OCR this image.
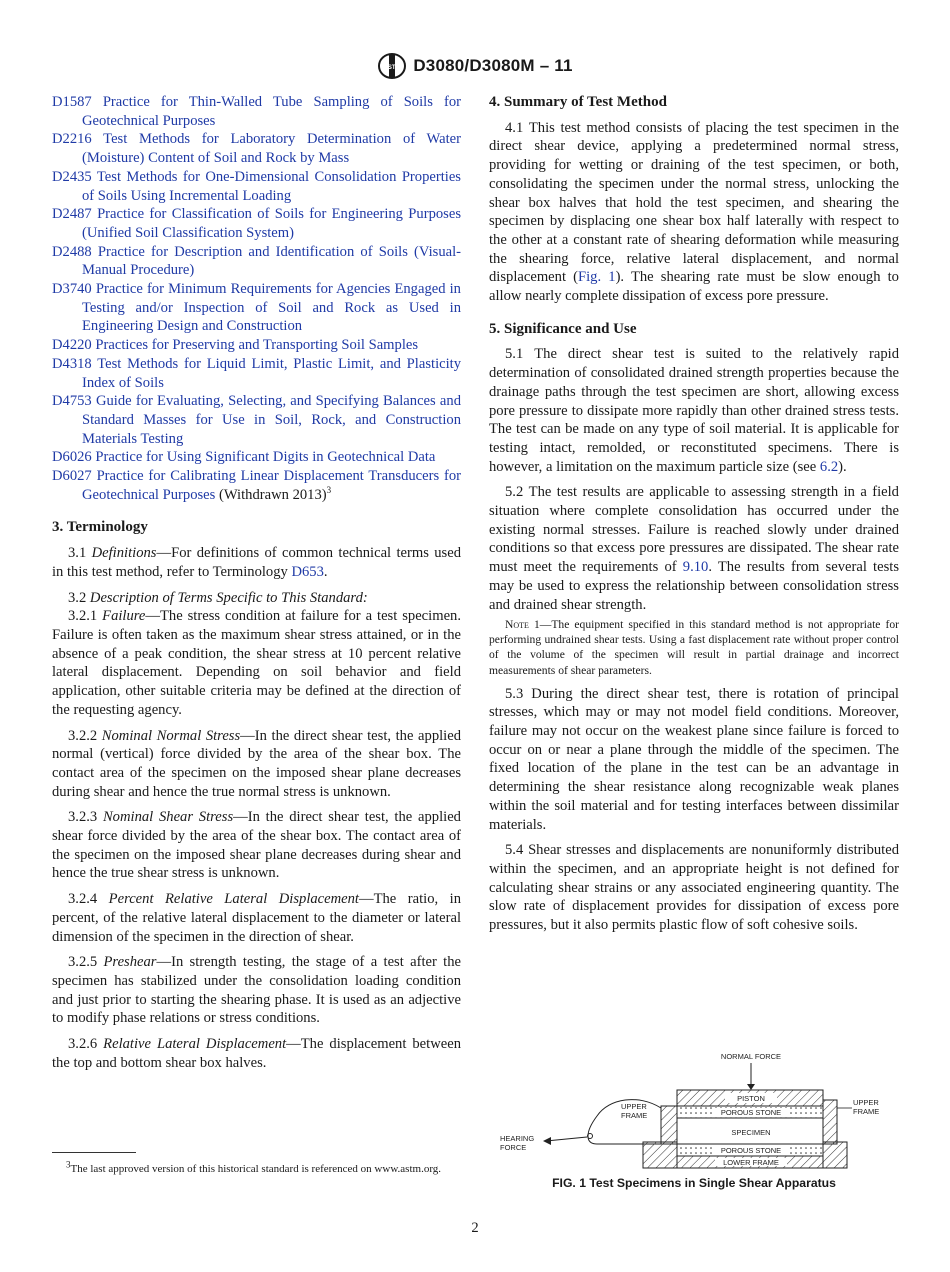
ASTM D3080/D3080M – 11
D1587 Practice for Thin-Walled Tube Sampling of Soils for Geotechnical Purposes
D2216 Test Methods for Laboratory Determination of Water (Moisture) Content of Soil and Rock by Mass
D2435 Test Methods for One-Dimensional Consolidation Properties of Soils Using Incremental Loading
D2487 Practice for Classification of Soils for Engineering Purposes (Unified Soil Classification System)
D2488 Practice for Description and Identification of Soils (Visual-Manual Procedure)
D3740 Practice for Minimum Requirements for Agencies Engaged in Testing and/or Inspection of Soil and Rock as Used in Engineering Design and Construction
D4220 Practices for Preserving and Transporting Soil Samples
D4318 Test Methods for Liquid Limit, Plastic Limit, and Plasticity Index of Soils
D4753 Guide for Evaluating, Selecting, and Specifying Balances and Standard Masses for Use in Soil, Rock, and Construction Materials Testing
D6026 Practice for Using Significant Digits in Geotechnical Data
D6027 Practice for Calibrating Linear Displacement Transducers for Geotechnical Purposes (Withdrawn 2013)$^3$
3. Terminology

3.1 Definitions—For definitions of common technical terms used in this test method, refer to Terminology D653.

3.2 Description of Terms Specific to This Standard:

3.2.1 Failure—The stress condition at failure for a test specimen. Failure is often taken as the maximum shear stress attained, or in the absence of a peak condition, the shear stress at 10 percent relative lateral displacement. Depending on soil behavior and field application, other suitable criteria may be defined at the direction of the requesting agency.

3.2.2 Nominal Normal Stress—In the direct shear test, the applied normal (vertical) force divided by the area of the shear box. The contact area of the specimen on the imposed shear plane decreases during shear and hence the true normal stress is unknown.

3.2.3 Nominal Shear Stress—In the direct shear test, the applied shear force divided by the area of the shear box. The contact area of the specimen on the imposed shear plane decreases during shear and hence the true shear stress is unknown.

3.2.4 Percent Relative Lateral Displacement—The ratio, in percent, of the relative lateral displacement to the diameter or lateral dimension of the specimen in the direction of shear.

3.2.5 Preshear—In strength testing, the stage of a test after the specimen has stabilized under the consolidation loading condition and just prior to starting the shearing phase. It is used as an adjective to modify phase relations or stress conditions.

3.2.6 Relative Lateral Displacement—The displacement between the top and bottom shear box halves.

$^3$The last approved version of this historical standard is referenced on www.astm.org.
4. Summary of Test Method

4.1 This test method consists of placing the test specimen in the direct shear device, applying a predetermined normal stress, providing for wetting or draining of the test specimen, or both, consolidating the specimen under the normal stress, unlocking the shear box halves that hold the test specimen, and shearing the specimen by displacing one shear box half laterally with respect to the other at a constant rate of shearing deformation while measuring the shearing force, relative lateral displacement, and normal displacement (Fig. 1). The shearing rate must be slow enough to allow nearly complete dissipation of excess pore pressure.

5. Significance and Use

5.1 The direct shear test is suited to the relatively rapid determination of consolidated drained strength properties because the drainage paths through the test specimen are short, allowing excess pore pressure to dissipate more rapidly than other drained stress tests. The test can be made on any type of soil material. It is applicable for testing intact, remolded, or reconstituted specimens. There is however, a limitation on the maximum particle size (see 6.2).

5.2 The test results are applicable to assessing strength in a field situation where complete consolidation has occurred under the existing normal stresses. Failure is reached slowly under drained conditions so that excess pore pressures are dissipated. The shear rate must meet the requirements of 9.10. The results from several tests may be used to express the relationship between consolidation stress and drained shear strength.

Note 1—The equipment specified in this standard method is not appropriate for performing undrained shear tests. Using a fast displacement rate without proper control of the volume of the specimen will result in partial drainage and incorrect measurements of shear parameters.

5.3 During the direct shear test, there is rotation of principal stresses, which may or may not model field conditions. Moreover, failure may not occur on the weakest plane since failure is forced to occur on or near a plane through the middle of the specimen. The fixed location of the plane in the test can be an advantage in determining the shear resistance along recognizable weak planes within the soil material and for testing interfaces between dissimilar materials.

5.4 Shear stresses and displacements are nonuniformly distributed within the specimen, and an appropriate height is not defined for calculating shear strains or any associated engineering quantity. The slow rate of displacement provides for dissipation of excess pore pressures, but it also permits plastic flow of soft cohesive soils.

NORMAL FORCE
UPPER
FRAME
UPPER
FRAME
HEARING
FORCE
PISTON
POROUS STONE
SPECIMEN
POROUS STONE
LOWER FRAME
FIG. 1 Test Specimens in Single Shear Apparatus
2
